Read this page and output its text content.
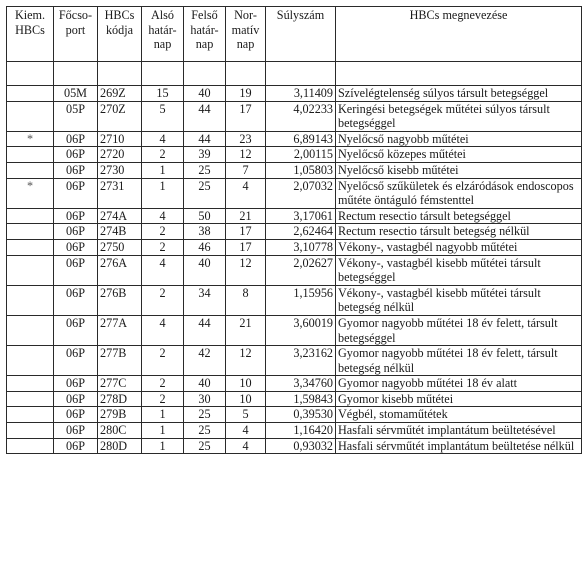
Kiem. HBCs	Főcso- port	HBCs kódja	Alsó határ- nap	Felső határ- nap	Nor- matív nap	Súlyszám	HBCs megnevezése

	05M	269Z	15	40	19	3,11409	Szívelégtelenség súlyos társult betegséggel
	05P	270Z	5	44	17	4,02233	Keringési betegségek műtétei súlyos társult betegséggel
*	06P	2710	4	44	23	6,89143	Nyelőcső nagyobb műtétei
	06P	2720	2	39	12	2,00115	Nyelőcső közepes műtétei
	06P	2730	1	25	7	1,05803	Nyelőcső kisebb műtétei
*	06P	2731	1	25	4	2,07032	Nyelőcső szűkületek és elzáródások endoscopos műtéte öntáguló fémstenttel
	06P	274A	4	50	21	3,17061	Rectum resectio társult betegséggel
	06P	274B	2	38	17	2,62464	Rectum resectio társult betegség nélkül
	06P	2750	2	46	17	3,10778	Vékony-, vastagbél nagyobb műtétei
	06P	276A	4	40	12	2,02627	Vékony-, vastagbél kisebb műtétei társult betegséggel
	06P	276B	2	34	8	1,15956	Vékony-, vastagbél kisebb műtétei társult betegség nélkül
	06P	277A	4	44	21	3,60019	Gyomor nagyobb műtétei 18 év felett, társult betegséggel
	06P	277B	2	42	12	3,23162	Gyomor nagyobb műtétei 18 év felett, társult betegség nélkül
	06P	277C	2	40	10	3,34760	Gyomor nagyobb műtétei 18 év alatt
	06P	278D	2	30	10	1,59843	Gyomor kisebb műtétei
	06P	279B	1	25	5	0,39530	Végbél, stomaműtétek
	06P	280C	1	25	4	1,16420	Hasfali sérvműtét implantátum beültetésével
	06P	280D	1	25	4	0,93032	Hasfali sérvműtét implantátum beültetése nélkül
